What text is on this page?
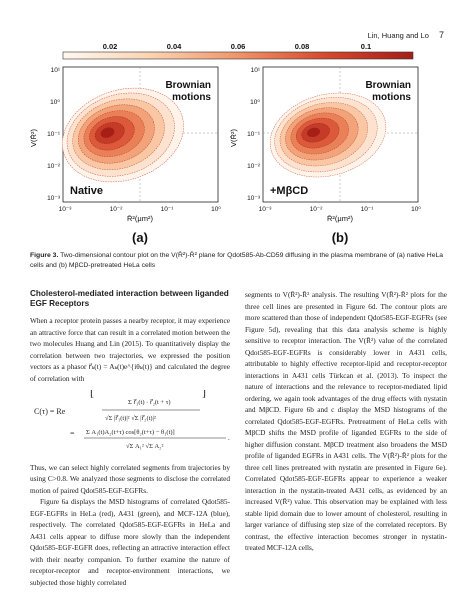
Lin, Huang and Lo 7
0.02	0.04	0.06	0.08	0.1
Brownian
motions
Native
10¹
10⁰
10⁻¹
10⁻²
10⁻³
V(R̄²)
10⁻³	10⁻²	10⁻¹	10⁰
R̄²(μm²)
(a)
Brownian
motions
+MβCD
10¹
10⁰
10⁻¹
10⁻²
10⁻³
V(R̄²)
10⁻³	10⁻²	10⁻¹	10⁰
R̄²(μm²)
(b)
Figure 3. Two-dimensional contour plot on the V(R̄²)-R̄² plane for Qdot585-Ab-CD59 diffusing in the plasma membrane of (a) native HeLa cells and (b) MβCD-pretreated HeLa cells
Cholesterol-mediated interaction between liganded EGF Receptors

When a receptor protein passes a nearby receptor, it may experience an attractive force that can result in a correlated motion between the two molecules Huang and Lin (2015). To quantitatively display the correlation between two trajectories, we expressed the position vectors as a phasor r⃗ₖ(t) = Aₖ(t)e^{iθₖ(t)} and calculated the degree of correlation with

C(τ) = Re
[
Σ r⃗₁(t) · r⃗₂(t + τ)
√Σ |r⃗₁(t)|² √Σ |r⃗₂(t)|²
]
= Σ A₁(t)A₂(t+τ) cos[θ₂(t+τ) − θ₁(t)]
√Σ A₁² √Σ A₂²
.

Thus, we can select highly correlated segments from trajectories by using C>0.8. We analyzed those segments to disclose the correlated motion of paired Qdot585-EGF-EGFRs.

Figure 6a displays the MSD histograms of correlated Qdot585-EGF-EGFRs in HeLa (red), A431 (green), and MCF-12A (blue), respectively. The correlated Qdot585-EGF-EGFRs in HeLa and A431 cells appear to diffuse more slowly than the independent Qdot585-EGF-EGFR does, reflecting an attractive interaction effect with their nearby companion. To further examine the nature of receptor-receptor and receptor-environment interactions, we subjected those highly correlated

segments to V(R̄²)-R̄² analysis. The resulting V(R̄²)-R̄² plots for the three cell lines are presented in Figure 6d. The contour plots are more scattered than those of independent Qdot585-EGF-EGFRs (see Figure 5d), revealing that this data analysis scheme is highly sensitive to receptor interaction. The V(R̄²) value of the correlated Qdot585-EGF-EGFRs is considerably lower in A431 cells, attributable to highly effective receptor-lipid and receptor-receptor interactions in A431 cells Türkcan et al. (2013). To inspect the nature of interactions and the relevance to receptor-mediated lipid ordering, we again took advantages of the drug effects with nystatin and MβCD. Figure 6b and c display the MSD histograms of the correlated Qdot585-EGF-EGFRs. Pretreatment of HeLa cells with MβCD shifts the MSD profile of liganded EGFRs to the side of higher diffusion constant. MβCD treatment also broadens the MSD profile of liganded EGFRs in A431 cells. The V(R̄²)-R̄² plots for the three cell lines pretreated with nystatin are presented in Figure 6e). Correlated Qdot585-EGF-EGFRs appear to experience a weaker interaction in the nystatin-treated A431 cells, as evidenced by an increased V(R̄²) value. This observation may be explained with less stable lipid domain due to lower amount of cholesterol, resulting in larger variance of diffusing step size of the correlated receptors. By contrast, the effective interaction becomes stronger in nystatin-treated MCF-12A cells,
